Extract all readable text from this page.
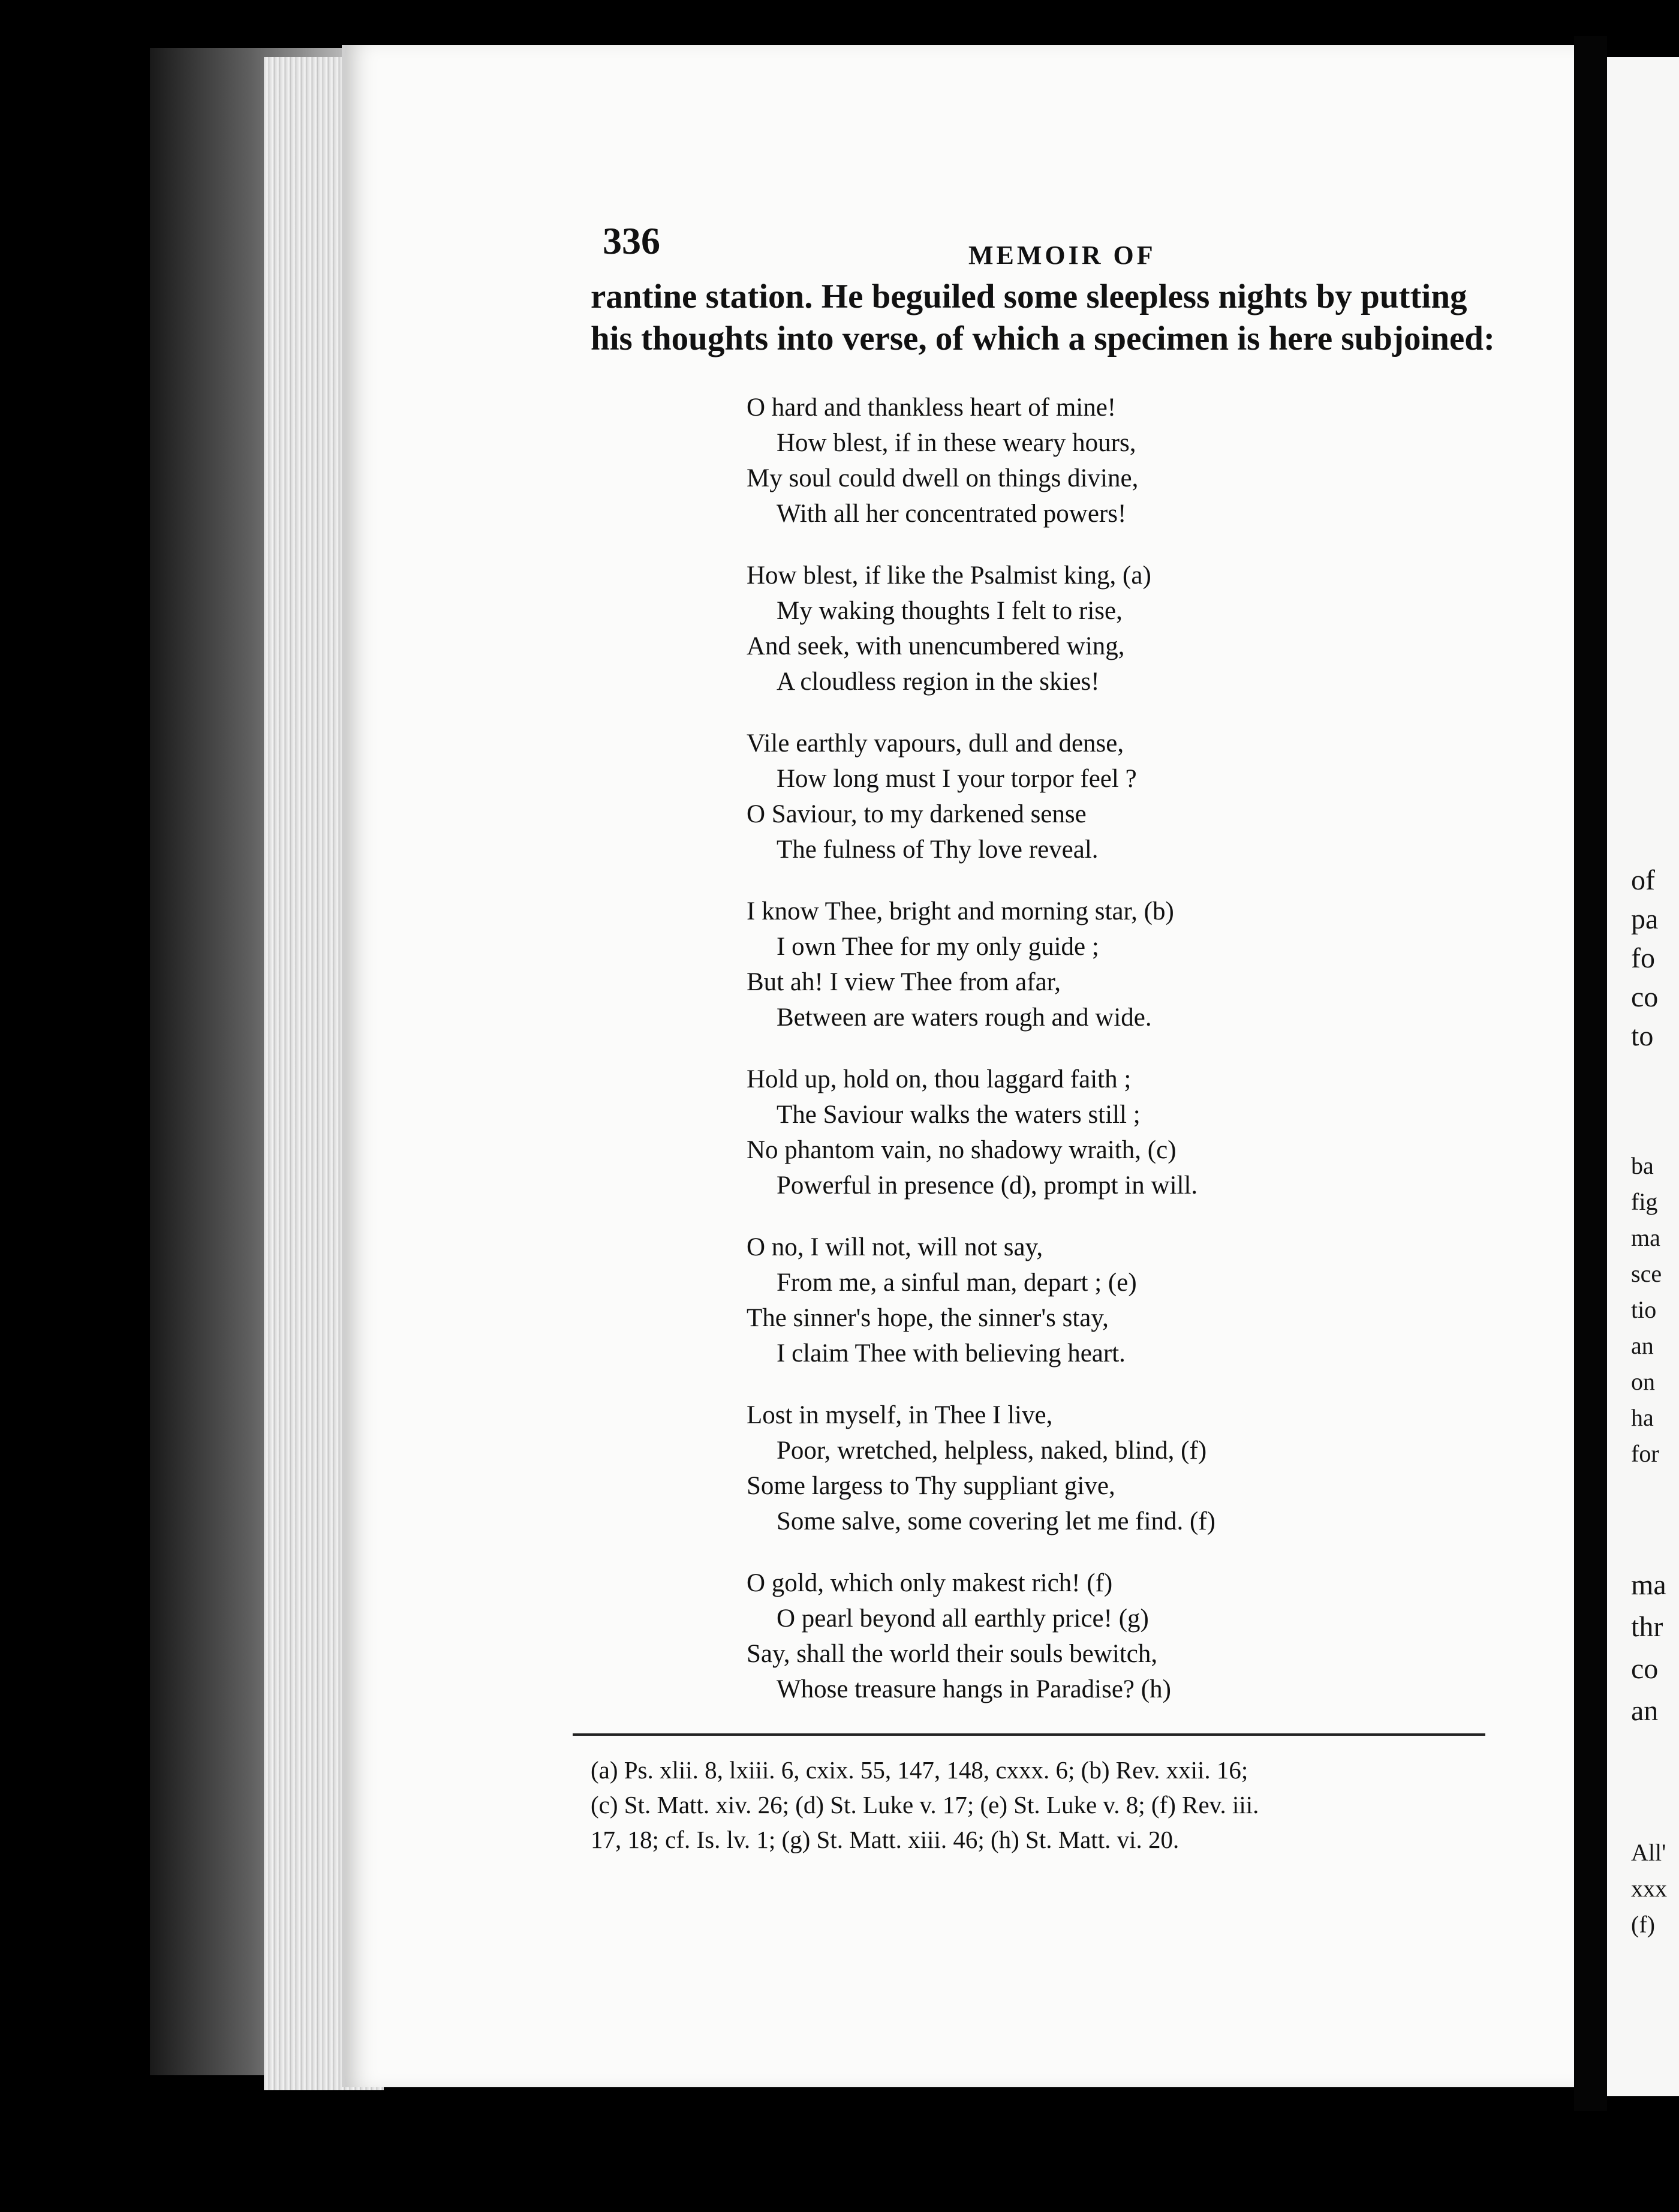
336	MEMOIR OF

rantine station. He beguiled some sleepless nights by putting

his thoughts into verse, of which a specimen is here subjoined:

O hard and thankless heart of mine!
How blest, if in these weary hours,
My soul could dwell on things divine,
With all her concentrated powers!
How blest, if like the Psalmist king, (a)
My waking thoughts I felt to rise,
And seek, with unencumbered wing,
A cloudless region in the skies!
Vile earthly vapours, dull and dense,
How long must I your torpor feel ?
O Saviour, to my darkened sense
The fulness of Thy love reveal.
I know Thee, bright and morning star, (b)
I own Thee for my only guide ;
But ah! I view Thee from afar,
Between are waters rough and wide.
Hold up, hold on, thou laggard faith ;
The Saviour walks the waters still ;
No phantom vain, no shadowy wraith, (c)
Powerful in presence (d), prompt in will.
O no, I will not, will not say,
From me, a sinful man, depart ; (e)
The sinner's hope, the sinner's stay,
I claim Thee with believing heart.
Lost in myself, in Thee I live,
Poor, wretched, helpless, naked, blind, (f)
Some largess to Thy suppliant give,
Some salve, some covering let me find. (f)
O gold, which only makest rich! (f)
O pearl beyond all earthly price! (g)
Say, shall the world their souls bewitch,
Whose treasure hangs in Paradise? (h)
(a) Ps. xlii. 8, lxiii. 6, cxix. 55, 147, 148, cxxx. 6; (b) Rev. xxii. 16;
(c) St. Matt. xiv. 26; (d) St. Luke v. 17; (e) St. Luke v. 8; (f) Rev. iii.
17, 18; cf. Is. lv. 1; (g) St. Matt. xiii. 46; (h) St. Matt. vi. 20.
of
pa
fo
co
to
ba
fig
ma
sce
tio
an
on
ha
for
ma
thr
co
an
All'
xxx
(f)
